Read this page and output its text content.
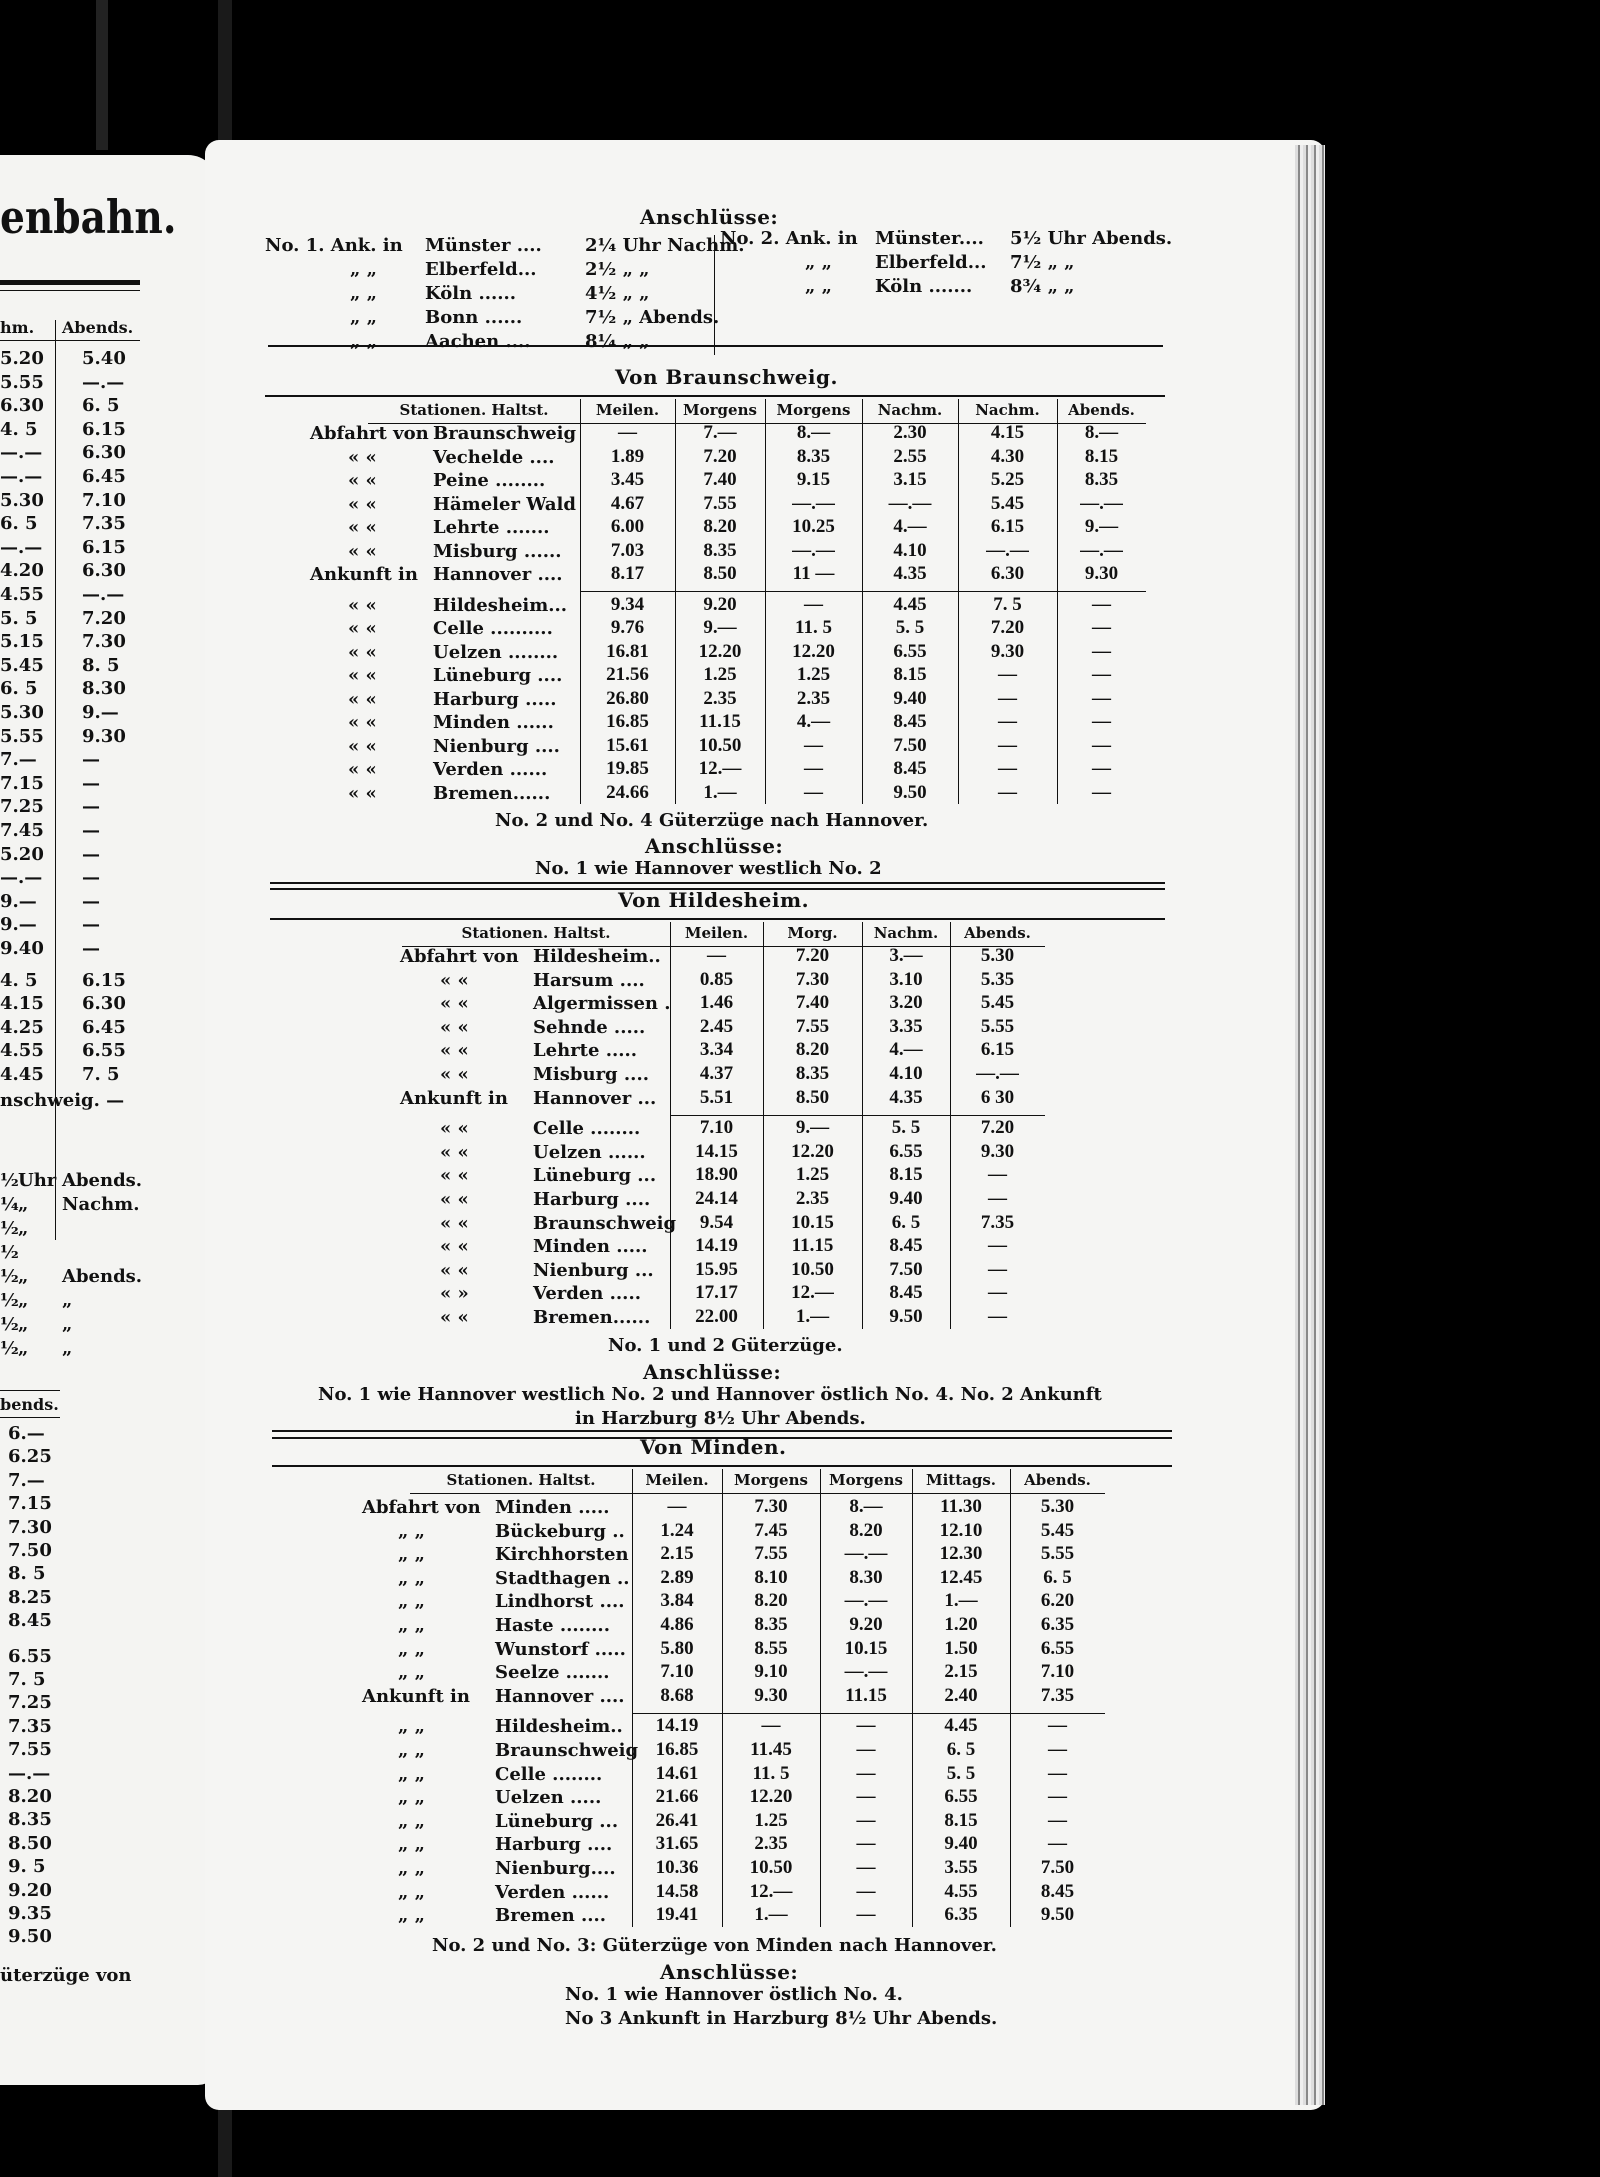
enbahn.
hm. Abends.
5.20 5.40
5.55 —.—
6.30 6. 5
4. 5 6.15
—.— 6.30
—.— 6.45
5.30 7.10
6. 5 7.35
—.— 6.15
4.20 6.30
4.55 —.—
5. 5 7.20
5.15 7.30
5.45 8. 5
6. 5 8.30
5.30 9.—
5.55 9.30
7.—	—
7.15 —
7.25 —
7.45 —
5.20 —
—.— —
9.—	—
9.—	—
9.40 —
4. 5 6.15
4.15 6.30
4.25 6.45
4.55 6.55
4.45 7. 5
nschweig. —
½ Uhr Abends.
¼ „ Nachm.
½ „
½
½ „ Abends.
½ „ „
½ „ „
½ „ „
bends.
6.—
6.25
7.—
7.15
7.30
7.50
8. 5
8.25
8.45
6.55
7. 5
7.25
7.35
7.55
—.—
8.20
8.35
8.50
9. 5
9.20
9.35
9.50
üterzüge von
Anschlüsse:
No. 1. Ank. in Münster .... 2¼ Uhr Nachm.
„ „	Elberfeld...	2½ „ „
„ „	Köln ......	4½ „ „
„ „	Bonn ......	7½ „ Abends.
„ „	Aachen ....	8¼ „ „
No. 2. Ank. in Münster.... 5½ Uhr Abends.
„ „ Elberfeld... 7½ „ „
„ „ Köln ....... 8¾ „ „
Von Braunschweig.
Stationen. Haltst.	Meilen.	Morgens	Morgens	Nachm.	Nachm.	Abends.
Abfahrt von Braunschweig	—	7.—	8.—	2.30	4.15	8.—
« «	Vechelde ....	1.89	7.20	8.35	2.55	4.30	8.15
« «	Peine ........	3.45	7.40	9.15	3.15	5.25	8.35
« «	Hämeler Wald	4.67	7.55	—.—	—.—	5.45	—.—
« «	Lehrte .......	6.00	8.20	10.25	4.—	6.15	9.—
« «	Misburg ......	7.03	8.35	—.—	4.10	—.—	—.—
Ankunft in Hannover ....	8.17	8.50	11 —	4.35	6.30	9.30
« «	Hildesheim...	9.34	9.20	—	4.45	7. 5	—
« «	Celle ..........	9.76	9.—	11. 5	5. 5	7.20	—
« «	Uelzen ........	16.81	12.20	12.20	6.55	9.30	—
« «	Lüneburg ....	21.56	1.25	1.25	8.15	—	—
« «	Harburg .....	26.80	2.35	2.35	9.40	—	—
« «	Minden ......	16.85	11.15	4.—	8.45	—	—
« «	Nienburg ....	15.61	10.50	—	7.50	—	—
« «	Verden ......	19.85	12.—	—	8.45	—	—
« «	Bremen......	24.66	1.—	—	9.50	—	—
No. 2 und No. 4 Güterzüge nach Hannover.
Anschlüsse:
No. 1 wie Hannover westlich No. 2
Von Hildesheim.
Stationen. Haltst.	Meilen.	Morg.	Nachm.	Abends.
Abfahrt von Hildesheim..	—	7.20	3.—	5.30
« «	Harsum ....	0.85	7.30	3.10	5.35
« «	Algermissen .	1.46	7.40	3.20	5.45
« «	Sehnde .....	2.45	7.55	3.35	5.55
« «	Lehrte .....	3.34	8.20	4.—	6.15
« «	Misburg ....	4.37	8.35	4.10	—.—
Ankunft in Hannover ...	5.51	8.50	4.35	6 30
« «	Celle ........	7.10	9.—	5. 5	7.20
« «	Uelzen ......	14.15	12.20	6.55	9.30
« «	Lüneburg ...	18.90	1.25	8.15	—
« «	Harburg ....	24.14	2.35	9.40	—
« «	Braunschweig	9.54	10.15	6. 5	7.35
« «	Minden .....	14.19	11.15	8.45	—
« «	Nienburg ...	15.95	10.50	7.50	—
« »	Verden .....	17.17	12.—	8.45	—
« «	Bremen......	22.00	1.—	9.50	—
No. 1 und 2 Güterzüge.
Anschlüsse:
No. 1 wie Hannover westlich No. 2 und Hannover östlich No. 4. No. 2 Ankunft
in Harzburg 8½ Uhr Abends.
Von Minden.
Stationen. Haltst.	Meilen.	Morgens	Morgens	Mittags.	Abends.
Abfahrt von Minden .....	—	7.30	8.—	11.30	5.30
„ „	Bückeburg ..	1.24	7.45	8.20	12.10	5.45
„ „	Kirchhorsten	2.15	7.55	—.—	12.30	5.55
„ „	Stadthagen ..	2.89	8.10	8.30	12.45	6. 5
„ „	Lindhorst ....	3.84	8.20	—.—	1.—	6.20
„ „	Haste ........	4.86	8.35	9.20	1.20	6.35
„ „	Wunstorf .....	5.80	8.55	10.15	1.50	6.55
„ „	Seelze .......	7.10	9.10	—.—	2.15	7.10
Ankunft in Hannover ....	8.68	9.30	11.15	2.40	7.35
„ „	Hildesheim..	14.19	—	—	4.45	—
„ „	Braunschweig 16.85	11.45	—	6. 5	—
„ „	Celle ........	14.61	11. 5	—	5. 5	—
„ „	Uelzen .....	21.66	12.20	—	6.55	—
„ „	Lüneburg ...	26.41	1.25	—	8.15	—
„ „	Harburg ....	31.65	2.35	—	9.40	—
„ „	Nienburg....	10.36	10.50	—	3.55	7.50
„ „	Verden ......	14.58	12.—	—	4.55	8.45
„ „	Bremen ....	19.41	1.—	—	6.35	9.50
No. 2 und No. 3: Güterzüge von Minden nach Hannover.
Anschlüsse:
No. 1 wie Hannover östlich No. 4.
No 3 Ankunft in Harzburg 8½ Uhr Abends.
